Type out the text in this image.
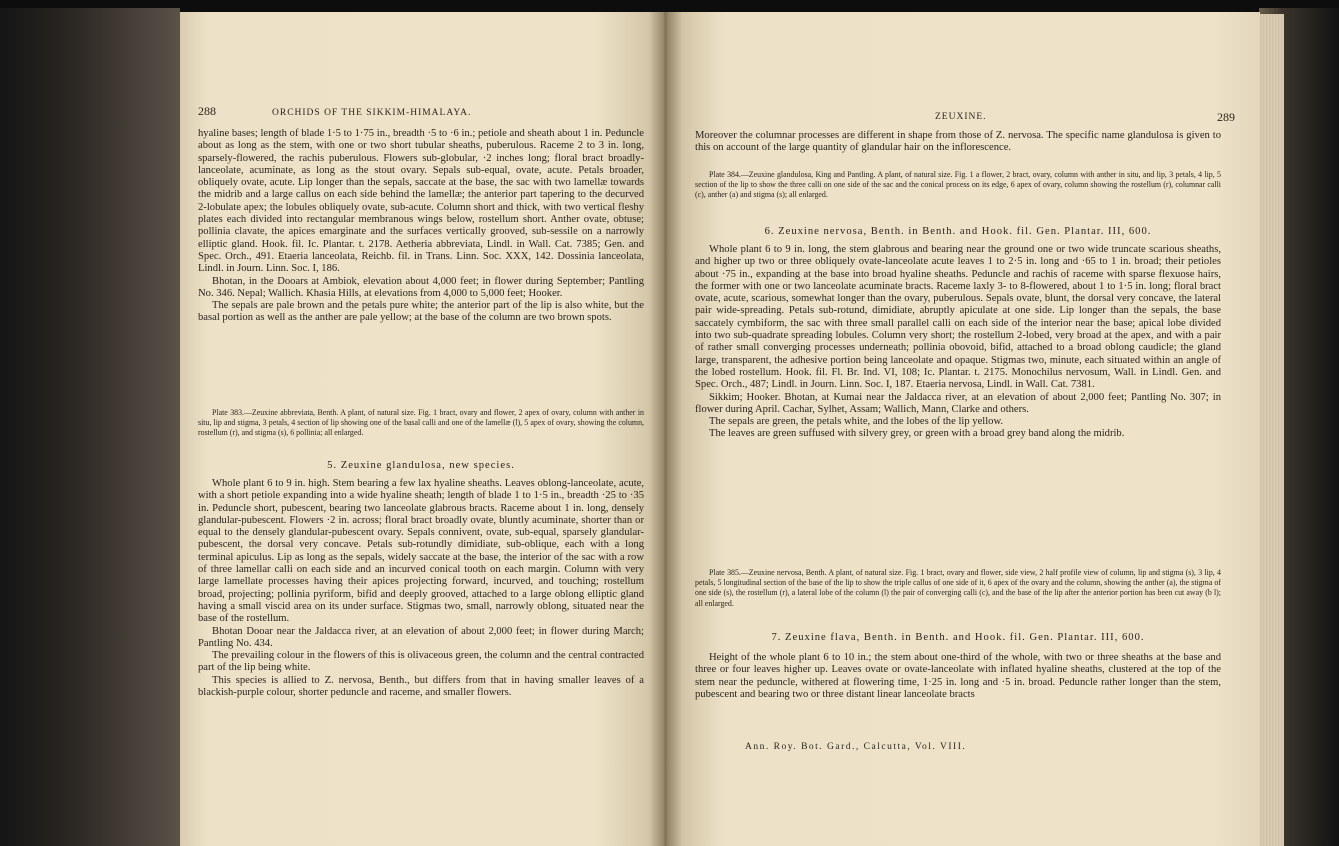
288	ORCHIDS OF THE SIKKIM-HIMALAYA.

hyaline bases; length of blade 1·5 to 1·75 in., breadth ·5 to ·6 in.; petiole and sheath about 1 in. Peduncle about as long as the stem, with one or two short tubular sheaths, puberulous. Raceme 2 to 3 in. long, sparsely-flowered, the rachis puberulous. Flowers sub-globular, ·2 inches long; floral bract broadly-lanceolate, acuminate, as long as the stout ovary. Sepals sub-equal, ovate, acute. Petals broader, obliquely ovate, acute. Lip longer than the sepals, saccate at the base, the sac with two lamellæ towards the midrib and a large callus on each side behind the lamellæ; the anterior part tapering to the decurved 2-lobulate apex; the lobules obliquely ovate, sub-acute. Column short and thick, with two vertical fleshy plates each divided into rectangular membranous wings below, rostellum short. Anther ovate, obtuse; pollinia clavate, the apices emarginate and the surfaces vertically grooved, sub-sessile on a narrowly elliptic gland. Hook. fil. Ic. Plantar. t. 2178. Aetheria abbreviata, Lindl. in Wall. Cat. 7385; Gen. and Spec. Orch., 491. Etaeria lanceolata, Reichb. fil. in Trans. Linn. Soc. XXX, 142. Dossinia lanceolata, Lindl. in Journ. Linn. Soc. I, 186.

Bhotan, in the Dooars at Ambiok, elevation about 4,000 feet; in flower during September; Pantling No. 346. Nepal; Wallich. Khasia Hills, at elevations from 4,000 to 5,000 feet; Hooker.

The sepals are pale brown and the petals pure white; the anterior part of the lip is also white, but the basal portion as well as the anther are pale yellow; at the base of the column are two brown spots.

Plate 383.—Zeuxine abbreviata, Benth. A plant, of natural size. Fig. 1 bract, ovary and flower, 2 apex of ovary, column with anther in situ, lip and stigma, 3 petals, 4 section of lip showing one of the basal calli and one of the lamellæ (l), 5 apex of ovary, showing the column, rostellum (r), and stigma (s), 6 pollinia; all enlarged.

5. Zeuxine glandulosa, new species.

Whole plant 6 to 9 in. high. Stem bearing a few lax hyaline sheaths. Leaves oblong-lanceolate, acute, with a short petiole expanding into a wide hyaline sheath; length of blade 1 to 1·5 in., breadth ·25 to ·35 in. Peduncle short, pubescent, bearing two lanceolate glabrous bracts. Raceme about 1 in. long, densely glandular-pubescent. Flowers ·2 in. across; floral bract broadly ovate, bluntly acuminate, shorter than or equal to the densely glandular-pubescent ovary. Sepals connivent, ovate, sub-equal, sparsely glandular-pubescent, the dorsal very concave. Petals sub-rotundly dimidiate, sub-oblique, each with a long terminal apiculus. Lip as long as the sepals, widely saccate at the base, the interior of the sac with a row of three lamellar calli on each side and an incurved conical tooth on each margin. Column with very large lamellate processes having their apices projecting forward, incurved, and touching; rostellum broad, projecting; pollinia pyriform, bifid and deeply grooved, attached to a large oblong elliptic gland having a small viscid area on its under surface. Stigmas two, small, narrowly oblong, situated near the base of the rostellum.

Bhotan Dooar near the Jaldacca river, at an elevation of about 2,000 feet; in flower during March; Pantling No. 434.

The prevailing colour in the flowers of this is olivaceous green, the column and the central contracted part of the lip being white.

This species is allied to Z. nervosa, Benth., but differs from that in having smaller leaves of a blackish-purple colour, shorter peduncle and raceme, and smaller flowers.

ZEUXINE.	289

Moreover the columnar processes are different in shape from those of Z. nervosa. The specific name glandulosa is given to this on account of the large quantity of glandular hair on the inflorescence.

Plate 384.—Zeuxine glandulosa, King and Pantling. A plant, of natural size. Fig. 1 a flower, 2 bract, ovary, column with anther in situ, and lip, 3 petals, 4 lip, 5 section of the lip to show the three calli on one side of the sac and the conical process on its edge, 6 apex of ovary, column showing the rostellum (r), columnar calli (c), anther (a) and stigma (s); all enlarged.

6. Zeuxine nervosa, Benth. in Benth. and Hook. fil. Gen. Plantar. III, 600.

Whole plant 6 to 9 in. long, the stem glabrous and bearing near the ground one or two wide truncate scarious sheaths, and higher up two or three obliquely ovate-lanceolate acute leaves 1 to 2·5 in. long and ·65 to 1 in. broad; their petioles about ·75 in., expanding at the base into broad hyaline sheaths. Peduncle and rachis of raceme with sparse flexuose hairs, the former with one or two lanceolate acuminate bracts. Raceme laxly 3- to 8-flowered, about 1 to 1·5 in. long; floral bract ovate, acute, scarious, somewhat longer than the ovary, puberulous. Sepals ovate, blunt, the dorsal very concave, the lateral pair wide-spreading. Petals sub-rotund, dimidiate, abruptly apiculate at one side. Lip longer than the sepals, the base saccately cymbiform, the sac with three small parallel calli on each side of the interior near the base; apical lobe divided into two sub-quadrate spreading lobules. Column very short; the rostellum 2-lobed, very broad at the apex, and with a pair of rather small converging processes underneath; pollinia obovoid, bifid, attached to a broad oblong caudicle; the gland large, transparent, the adhesive portion being lanceolate and opaque. Stigmas two, minute, each situated within an angle of the lobed rostellum. Hook. fil. Fl. Br. Ind. VI, 108; Ic. Plantar. t. 2175. Monochilus nervosum, Wall. in Lindl. Gen. and Spec. Orch., 487; Lindl. in Journ. Linn. Soc. I, 187. Etaeria nervosa, Lindl. in Wall. Cat. 7381.

Sikkim; Hooker. Bhotan, at Kumai near the Jaldacca river, at an elevation of about 2,000 feet; Pantling No. 307; in flower during April. Cachar, Sylhet, Assam; Wallich, Mann, Clarke and others.

The sepals are green, the petals white, and the lobes of the lip yellow.

The leaves are green suffused with silvery grey, or green with a broad grey band along the midrib.

Plate 385.—Zeuxine nervosa, Benth. A plant, of natural size. Fig. 1 bract, ovary and flower, side view, 2 half profile view of column, lip and stigma (s), 3 lip, 4 petals, 5 longitudinal section of the base of the lip to show the triple callus of one side of it, 6 apex of the ovary and the column, showing the anther (a), the stigma of one side (s), the rostellum (r), a lateral lobe of the column (l) the pair of converging calli (c), and the base of the lip after the anterior portion has been cut away (b l); all enlarged.

7. Zeuxine flava, Benth. in Benth. and Hook. fil. Gen. Plantar. III, 600.

Height of the whole plant 6 to 10 in.; the stem about one-third of the whole, with two or three sheaths at the base and three or four leaves higher up. Leaves ovate or ovate-lanceolate with inflated hyaline sheaths, clustered at the top of the stem near the peduncle, withered at flowering time, 1·25 in. long and ·5 in. broad. Peduncle rather longer than the stem, pubescent and bearing two or three distant linear lanceolate bracts

Ann. Roy. Bot. Gard., Calcutta, Vol. VIII.
